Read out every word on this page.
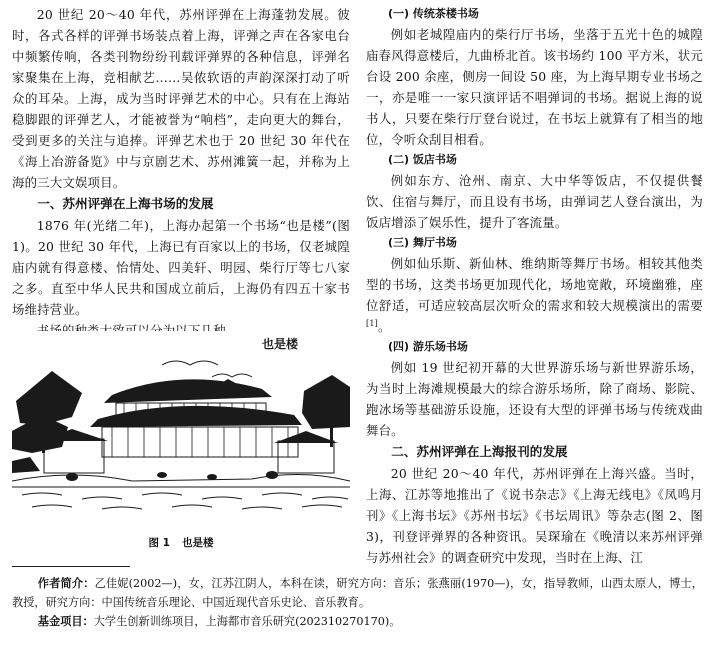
20 世纪 20～40 年代，苏州评弹在上海蓬勃发展。彼时，各式各样的评弹书场装点着上海，评弹之声在各家电台中频繁传响，各类刊物纷纷刊载评弹界的各种信息，评弹名家聚集在上海，竞相献艺……吴侬软语的声韵深深打动了听众的耳朵。上海，成为当时评弹艺术的中心。只有在上海站稳脚跟的评弹艺人，才能被誉为“响档”，走向更大的舞台，受到更多的关注与追捧。评弹艺术也于 20 世纪 30 年代在《海上冶游备览》中与京剧艺术、苏州滩簧一起，并称为上海的三大文娱项目。

一、苏州评弹在上海书场的发展

1876 年(光绪二年)，上海办起第一个书场“也是楼”(图 1)。20 世纪 30 年代，上海已有百家以上的书场，仅老城隍庙内就有得意楼、怡情处、四美轩、明园、柴行厅等七八家之多。直至中华人民共和国成立前后，上海仍有四五十家书场维持营业。

也是楼
图 1 也是楼

(一) 传统茶楼书场

例如老城隍庙内的柴行厅书场，坐落于五光十色的城隍庙春风得意楼后，九曲桥北首。该书场约 100 平方米，状元台设 200 余座，侧房一间设 50 座，为上海早期专业书场之一，亦是唯一一家只演评话不唱弹词的书场。据说上海的说书人，只要在柴行厅登台说过，在书坛上就算有了相当的地位，令听众刮目相看。

(二) 饭店书场

例如东方、沧州、南京、大中华等饭店，不仅提供餐饮、住宿与舞厅，而且设有书场，由弹词艺人登台演出，为饭店增添了娱乐性，提升了客流量。

(三) 舞厅书场

例如仙乐斯、新仙林、维纳斯等舞厅书场。相较其他类型的书场，这类书场更加现代化，场地宽敞，环境幽雅，座位舒适，可适应较高层次听众的需求和较大规模演出的需要[1]。

(四) 游乐场书场

例如 19 世纪初开幕的大世界游乐场与新世界游乐场，为当时上海滩规模最大的综合游乐场所，除了商场、影院、跑冰场等基础游乐设施，还设有大型的评弹书场与传统戏曲舞台。

二、苏州评弹在上海报刊的发展

20 世纪 20～40 年代，苏州评弹在上海兴盛。当时，上海、江苏等地推出了《说书杂志》《上海无线电》《凤鸣月刊》《上海书坛》《苏州书坛》《书坛周讯》等杂志(图 2、图 3)，刊登评弹界的各种资讯。吴琛瑜在《晚清以来苏州评弹与苏州社会》的调查研究中发现，当时在上海、江

作者简介：乙佳妮(2002—)，女，江苏江阴人，本科在读，研究方向：音乐；张燕丽(1970—)，女，指导教师，山西太原人，博士，教授，研究方向：中国传统音乐理论、中国近现代音乐史论、音乐教育。

基金项目：大学生创新训练项目，上海都市音乐研究(202310270170)。
